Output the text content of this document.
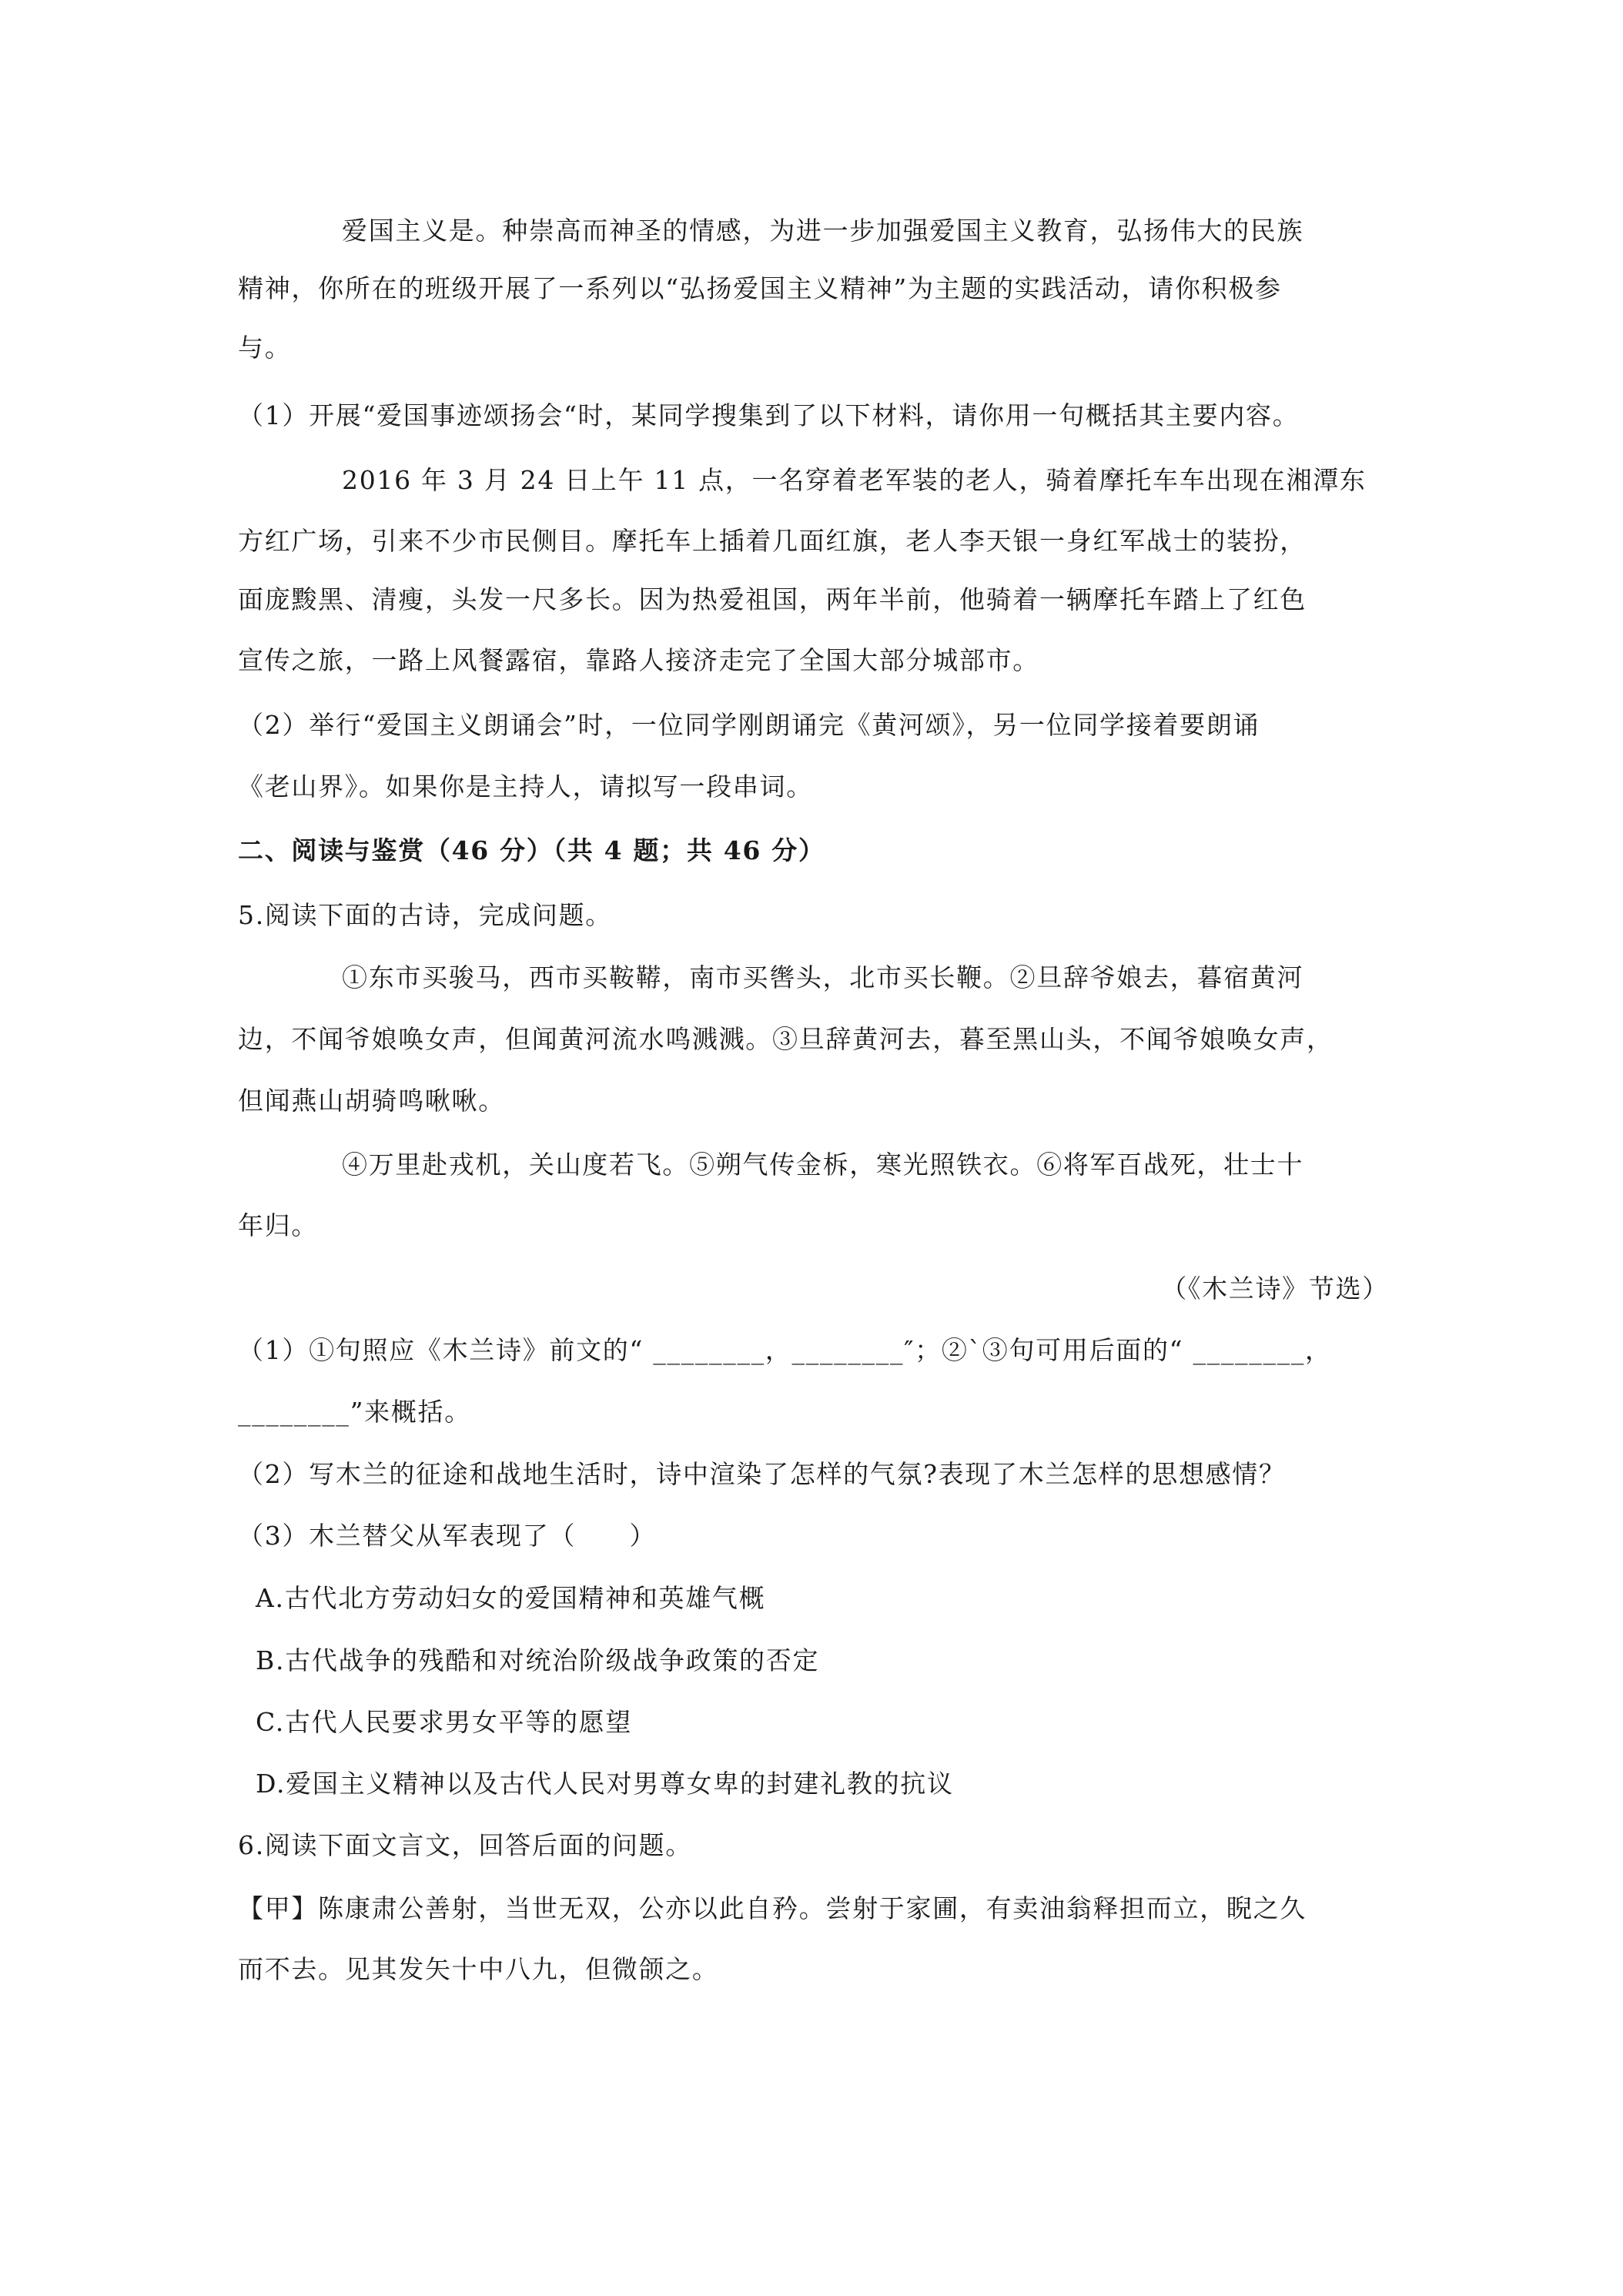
爱国主义是。种崇高而神圣的情感，为进一步加强爱国主义教育，弘扬伟大的民族
精神，你所在的班级开展了一系列以“弘扬爱国主义精神”为主题的实践活动，请你积极参
与。
（1）开展“爱国事迹颂扬会“时，某同学搜集到了以下材料，请你用一句概括其主要内容。
2016 年 3 月 24 日上午 11 点，一名穿着老军装的老人，骑着摩托车车出现在湘潭东
方红广场，引来不少市民侧目。摩托车上插着几面红旗，老人李天银一身红军战士的装扮，
面庞黢黑、清瘦，头发一尺多长。因为热爱祖国，两年半前，他骑着一辆摩托车踏上了红色
宣传之旅，一路上风餐露宿，靠路人接济走完了全国大部分城部市。
（2）举行“爱国主义朗诵会”时，一位同学刚朗诵完《黄河颂》，另一位同学接着要朗诵
《老山界》。如果你是主持人，请拟写一段串词。
二、阅读与鉴赏（46 分）（共 4 题；共 46 分）
5.阅读下面的古诗，完成问题。
①东市买骏马，西市买鞍鞯，南市买辔头，北市买长鞭。②旦辞爷娘去，暮宿黄河
边，不闻爷娘唤女声，但闻黄河流水鸣溅溅。③旦辞黄河去，暮至黑山头，不闻爷娘唤女声，
但闻燕山胡骑鸣啾啾。
④万里赴戎机，关山度若飞。⑤朔气传金柝，寒光照铁衣。⑥将军百战死，壮士十
年归。
（《木兰诗》节选）
（1）①句照应《木兰诗》前文的“ ________，________″；②`③句可用后面的“ ________，
________”来概括。
（2）写木兰的征途和战地生活时，诗中渲染了怎样的气氛?表现了木兰怎样的思想感情？
（3）木兰替父从军表现了（　　）
A.古代北方劳动妇女的爱国精神和英雄气概
B.古代战争的残酷和对统治阶级战争政策的否定
C.古代人民要求男女平等的愿望
D.爱国主义精神以及古代人民对男尊女卑的封建礼教的抗议
6.阅读下面文言文，回答后面的问题。
【甲】陈康肃公善射，当世无双，公亦以此自矜。尝射于家圃，有卖油翁释担而立，睨之久
而不去。见其发矢十中八九，但微颌之。
